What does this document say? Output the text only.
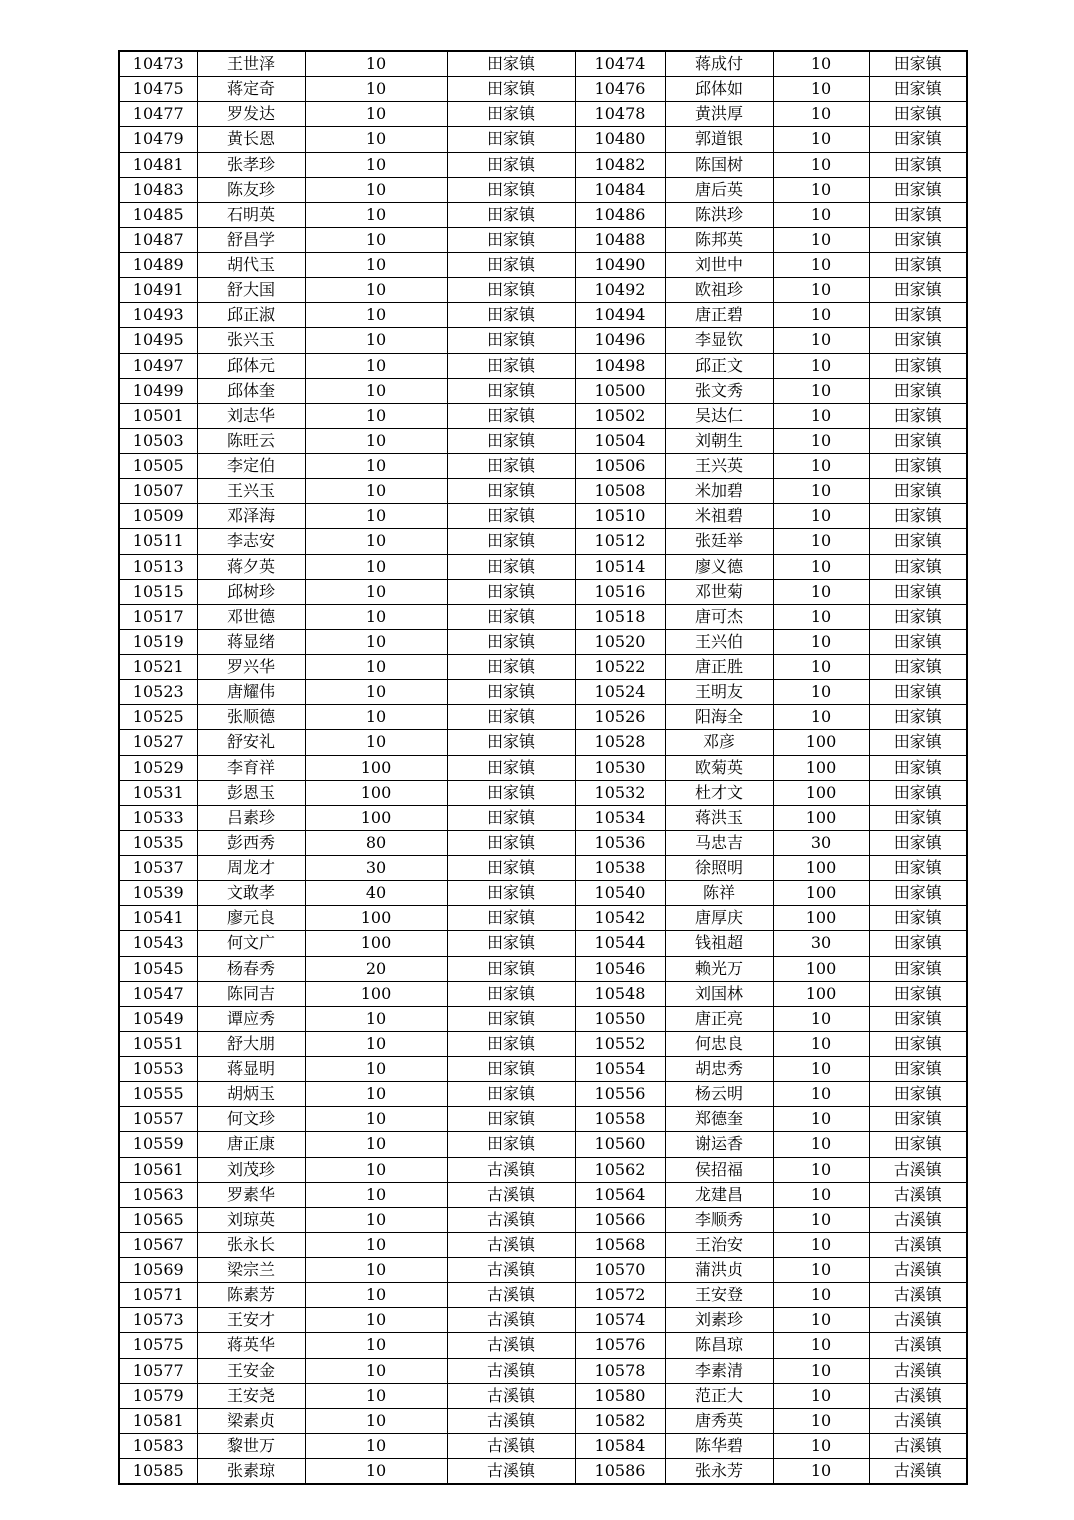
10473	王世泽	10	田家镇	10474	蒋成付	10	田家镇
10475	蒋定奇	10	田家镇	10476	邱体如	10	田家镇
10477	罗发达	10	田家镇	10478	黄洪厚	10	田家镇
10479	黄长恩	10	田家镇	10480	郭道银	10	田家镇
10481	张孝珍	10	田家镇	10482	陈国树	10	田家镇
10483	陈友珍	10	田家镇	10484	唐后英	10	田家镇
10485	石明英	10	田家镇	10486	陈洪珍	10	田家镇
10487	舒昌学	10	田家镇	10488	陈邦英	10	田家镇
10489	胡代玉	10	田家镇	10490	刘世中	10	田家镇
10491	舒大国	10	田家镇	10492	欧祖珍	10	田家镇
10493	邱正淑	10	田家镇	10494	唐正碧	10	田家镇
10495	张兴玉	10	田家镇	10496	李显钦	10	田家镇
10497	邱体元	10	田家镇	10498	邱正文	10	田家镇
10499	邱体奎	10	田家镇	10500	张文秀	10	田家镇
10501	刘志华	10	田家镇	10502	吴达仁	10	田家镇
10503	陈旺云	10	田家镇	10504	刘朝生	10	田家镇
10505	李定伯	10	田家镇	10506	王兴英	10	田家镇
10507	王兴玉	10	田家镇	10508	米加碧	10	田家镇
10509	邓泽海	10	田家镇	10510	米祖碧	10	田家镇
10511	李志安	10	田家镇	10512	张廷举	10	田家镇
10513	蒋夕英	10	田家镇	10514	廖义德	10	田家镇
10515	邱树珍	10	田家镇	10516	邓世菊	10	田家镇
10517	邓世德	10	田家镇	10518	唐可杰	10	田家镇
10519	蒋显绪	10	田家镇	10520	王兴伯	10	田家镇
10521	罗兴华	10	田家镇	10522	唐正胜	10	田家镇
10523	唐耀伟	10	田家镇	10524	王明友	10	田家镇
10525	张顺德	10	田家镇	10526	阳海全	10	田家镇
10527	舒安礼	10	田家镇	10528	邓彦	100	田家镇
10529	李育祥	100	田家镇	10530	欧菊英	100	田家镇
10531	彭恩玉	100	田家镇	10532	杜才文	100	田家镇
10533	吕素珍	100	田家镇	10534	蒋洪玉	100	田家镇
10535	彭西秀	80	田家镇	10536	马忠吉	30	田家镇
10537	周龙才	30	田家镇	10538	徐照明	100	田家镇
10539	文敢孝	40	田家镇	10540	陈祥	100	田家镇
10541	廖元良	100	田家镇	10542	唐厚庆	100	田家镇
10543	何文广	100	田家镇	10544	钱祖超	30	田家镇
10545	杨春秀	20	田家镇	10546	赖光万	100	田家镇
10547	陈同吉	100	田家镇	10548	刘国林	100	田家镇
10549	谭应秀	10	田家镇	10550	唐正亮	10	田家镇
10551	舒大朋	10	田家镇	10552	何忠良	10	田家镇
10553	蒋显明	10	田家镇	10554	胡忠秀	10	田家镇
10555	胡炳玉	10	田家镇	10556	杨云明	10	田家镇
10557	何文珍	10	田家镇	10558	郑德奎	10	田家镇
10559	唐正康	10	田家镇	10560	谢运香	10	田家镇
10561	刘茂珍	10	古溪镇	10562	侯招福	10	古溪镇
10563	罗素华	10	古溪镇	10564	龙建昌	10	古溪镇
10565	刘琼英	10	古溪镇	10566	李顺秀	10	古溪镇
10567	张永长	10	古溪镇	10568	王治安	10	古溪镇
10569	梁宗兰	10	古溪镇	10570	蒲洪贞	10	古溪镇
10571	陈素芳	10	古溪镇	10572	王安登	10	古溪镇
10573	王安才	10	古溪镇	10574	刘素珍	10	古溪镇
10575	蒋英华	10	古溪镇	10576	陈昌琼	10	古溪镇
10577	王安金	10	古溪镇	10578	李素清	10	古溪镇
10579	王安尧	10	古溪镇	10580	范正大	10	古溪镇
10581	梁素贞	10	古溪镇	10582	唐秀英	10	古溪镇
10583	黎世万	10	古溪镇	10584	陈华碧	10	古溪镇
10585	张素琼	10	古溪镇	10586	张永芳	10	古溪镇
